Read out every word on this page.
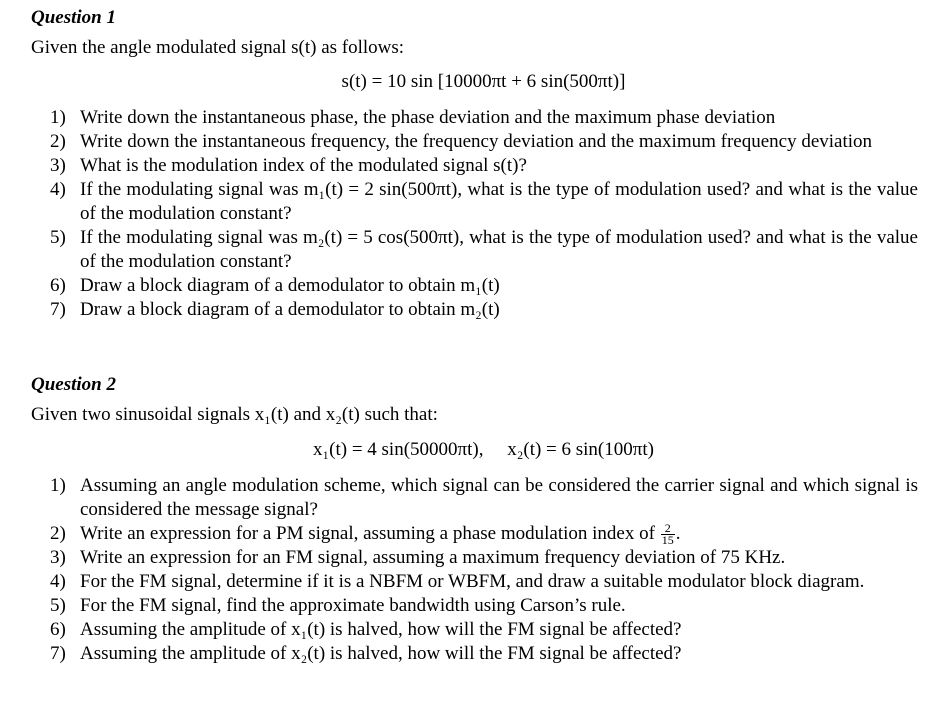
Question 1
Given the angle modulated signal s(t) as follows:
s(t) = 10 sin [10000πt + 6 sin(500πt)]
1) Write down the instantaneous phase, the phase deviation and the maximum phase deviation
2) Write down the instantaneous frequency, the frequency deviation and the maximum frequency deviation
3) What is the modulation index of the modulated signal s(t)?
4) If the modulating signal was m₁(t) = 2 sin(500πt), what is the type of modulation used? and what is the value of the modulation constant?
5) If the modulating signal was m₂(t) = 5 cos(500πt), what is the type of modulation used? and what is the value of the modulation constant?
6) Draw a block diagram of a demodulator to obtain m₁(t)
7) Draw a block diagram of a demodulator to obtain m₂(t)
Question 2
Given two sinusoidal signals x₁(t) and x₂(t) such that:
x₁(t) = 4 sin(50000πt),     x₂(t) = 6 sin(100πt)
1) Assuming an angle modulation scheme, which signal can be considered the carrier signal and which signal is considered the message signal?
2) Write an expression for a PM signal, assuming a phase modulation index of $\frac{2}{15}$ .
3) Write an expression for an FM signal, assuming a maximum frequency deviation of 75 KHz.
4) For the FM signal, determine if it is a NBFM or WBFM, and draw a suitable modulator block diagram.
5) For the FM signal, find the approximate bandwidth using Carson’s rule.
6) Assuming the amplitude of x₁(t) is halved, how will the FM signal be affected?
7) Assuming the amplitude of x₂(t) is halved, how will the FM signal be affected?
